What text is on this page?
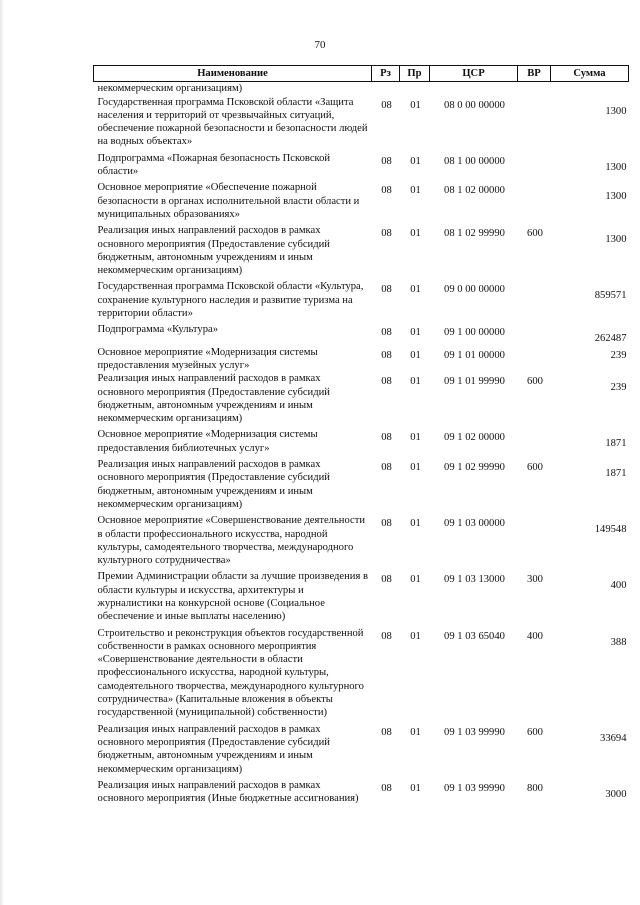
70
Наименование	Рз	Пр	ЦСР	ВР	Сумма
некоммерческим организациям)					
Государственная программа Псковской области «Защита населения и территорий от чрезвычайных ситуаций, обеспечение пожарной безопасности и безопасности людей на водных объектах»	08	01	08 0 00 00000		1300
Подпрограмма «Пожарная безопасность Псковской области»	08	01	08 1 00 00000		1300
Основное мероприятие «Обеспечение пожарной безопасности в органах исполнительной власти области и муниципальных образованиях»	08	01	08 1 02 00000		1300
Реализация иных направлений расходов в рамках основного мероприятия (Предоставление субсидий бюджетным, автономным учреждениям и иным некоммерческим организациям)	08	01	08 1 02 99990	600	1300
Государственная программа Псковской области «Культура, сохранение культурного наследия и развитие туризма на территории области»	08	01	09 0 00 00000		859571
Подпрограмма «Культура»	08	01	09 1 00 00000		262487
Основное мероприятие «Модернизация системы предоставления музейных услуг»	08	01	09 1 01 00000		239
Реализация иных направлений расходов в рамках основного мероприятия (Предоставление субсидий бюджетным, автономным учреждениям и иным некоммерческим организациям)	08	01	09 1 01 99990	600	239
Основное мероприятие «Модернизация системы предоставления библиотечных услуг»	08	01	09 1 02 00000		1871
Реализация иных направлений расходов в рамках основного мероприятия (Предоставление субсидий бюджетным, автономным учреждениям и иным некоммерческим организациям)	08	01	09 1 02 99990	600	1871
Основное мероприятие «Совершенствование деятельности в области профессионального искусства, народной культуры, самодеятельного творчества, международного культурного сотрудничества»	08	01	09 1 03 00000		149548
Премии Администрации области за лучшие произведения в области культуры и искусства, архитектуры и журналистики на конкурсной основе (Социальное обеспечение и иные выплаты населению)	08	01	09 1 03 13000	300	400
Строительство и реконструкция объектов государственной собственности в рамках основного мероприятия «Совершенствование деятельности в области профессионального искусства, народной культуры, самодеятельного творчества, международного культурного сотрудничества» (Капитальные вложения в объекты государственной (муниципальной) собственности)	08	01	09 1 03 65040	400	388
Реализация иных направлений расходов в рамках основного мероприятия (Предоставление субсидий бюджетным, автономным учреждениям и иным некоммерческим организациям)	08	01	09 1 03 99990	600	33694
Реализация иных направлений расходов в рамках основного мероприятия (Иные бюджетные ассигнования)	08	01	09 1 03 99990	800	3000
